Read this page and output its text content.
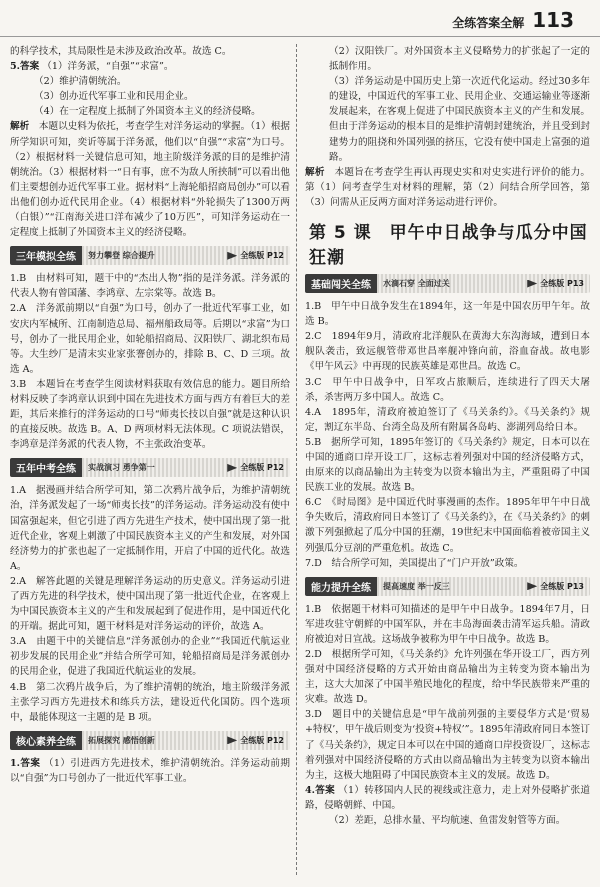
全练答案全解 113

的科学技术，其局限性是未涉及政治改革。故选 C。

5.答案 （1）洋务派，“自强”“求富”。

（2）维护清朝统治。

（3）创办近代军事工业和民用企业。

（4）在一定程度上抵制了外国资本主义的经济侵略。

解析　 本题以史料为依托，考查学生对洋务运动的掌握。（1）根据所学知识可知，奕䜣等属于洋务派，他们以“自强”“求富”为口号。（2）根据材料一关键信息可知，地主阶级洋务派的目的是维护清朝统治。（3）根据材料一“日有事，庶不为敌人所挟制”可以看出他们主要想创办近代军事工业。据材料“上海轮船招商局创办”可以看出他们创办近代民用企业。（4）根据材料“外轮损失了1300万两（白银）”“江南海关进口洋布减少了10万匹”，可知洋务运动在一定程度上抵制了外国资本主义的经济侵略。

三年模拟全练	努力攀登 综合提升	全练版 P12

1.B　由材料可知，题干中的“杰出人物”指的是洋务派。洋务派的代表人物有曾国藩、李鸿章、左宗棠等。故选 B。

2.A　洋务派前期以“自强”为口号，创办了一批近代军事工业，如安庆内军械所、江南制造总局、福州船政局等。后期以“求富”为口号，创办了一批民用企业，如轮船招商局、汉阳铁厂、湖北织布局等。大生纱厂是清末实业家张謇创办的，排除 B、C、D 三项。故选 A。

3.B　本题旨在考查学生阅读材料获取有效信息的能力。题目所给材料反映了李鸿章认识到中国在先进技术方面与西方有着巨大的差距，其后来推行的洋务运动的口号“师夷长技以自强”就是这种认识的直接反映。故选 B。A、D 两项材料无法体现。C 项说法错误，李鸿章是洋务派的代表人物，不主张政治变革。

五年中考全练	实战演习 勇争第一	全练版 P12

1.A　据漫画并结合所学可知，第二次鸦片战争后，为维护清朝统治，洋务派发起了一场“师夷长技”的洋务运动。洋务运动没有使中国富强起来，但它引进了西方先进生产技术，使中国出现了第一批近代企业，客观上刺激了中国民族资本主义的产生和发展，对外国经济势力的扩张也起了一定抵制作用，开启了中国的近代化。故选 A。

2.A　解答此题的关键是理解洋务运动的历史意义。洋务运动引进了西方先进的科学技术，使中国出现了第一批近代企业，在客观上为中国民族资本主义的产生和发展起到了促进作用，是中国近代化的开端。据此可知，题干材料是对洋务运动的评价，故选 A。

3.A　由题干中的关键信息“洋务派创办的企业”“我国近代航运业初步发展的民用企业”并结合所学可知，轮船招商局是洋务派创办的民用企业，促进了我国近代航运业的发展。

4.B　第二次鸦片战争后，为了维护清朝的统治，地主阶级洋务派主张学习西方先进技术和练兵方法，建设近代化国防。四个选项中，最能体现这一主题的是 B 项。

核心素养全练	拓展探究 感悟创新	全练版 P12

1.答案 （1）引进西方先进技术，维护清朝统治。洋务运动前期以“自强”为口号创办了一批近代军事工业。

（2）汉阳铁厂。对外国资本主义侵略势力的扩张起了一定的抵制作用。

（3）洋务运动是中国历史上第一次近代化运动。经过30多年的建设，中国近代的军事工业、民用企业、交通运输业等逐渐发展起来，在客观上促进了中国民族资本主义的产生和发展。但由于洋务运动的根本目的是维护清朝封建统治，并且受到封建势力的阻挠和外国列强的挤压，它没有使中国走上富强的道路。

解析　 本题旨在考查学生再认再现史实和对史实进行评价的能力。第（1）问考查学生对材料的理解，第（2）问结合所学回答，第（3）问需从正反两方面对洋务运动进行评价。

第 5 课　甲午中日战争与瓜分中国狂潮
基础闯关全练	水滴石穿 全面过关	全练版 P13

1.B　甲午中日战争发生在1894年，这一年是中国农历甲午年。故选 B。

2.C　1894年9月，清政府北洋舰队在黄海大东沟海域，遭到日本舰队袭击，致远舰管带邓世昌率舰冲锋向前，浴血奋战。故电影《甲午风云》中再现的民族英雄是邓世昌。故选 C。

3.C　甲午中日战争中，日军攻占旅顺后，连续进行了四天大屠杀，杀害两万多中国人。故选 C。

4.A　1895年，清政府被迫签订了《马关条约》。《马关条约》规定，割辽东半岛、台湾全岛及所有附属各岛屿、澎湖列岛给日本。

5.B　据所学可知，1895年签订的《马关条约》规定，日本可以在中国的通商口岸开设工厂，这标志着列强对中国的经济侵略方式，由原来的以商品输出为主转变为以资本输出为主，严重阻碍了中国民族工业的发展。故选 B。

6.C　《时局图》是中国近代时事漫画的杰作。1895年甲午中日战争失败后，清政府同日本签订了《马关条约》，在《马关条约》的刺激下列强掀起了瓜分中国的狂潮，19世纪末中国面临着被帝国主义列强瓜分豆剖的严重危机。故选 C。

7.D　结合所学可知，美国提出了“门户开放”政策。

能力提升全练	提高速度 举一反三	全练版 P13

1.B　依据题干材料可知描述的是甲午中日战争。1894年7月，日军进攻驻守朝鲜的中国军队，并在丰岛海面袭击清军运兵船。清政府被迫对日宣战。这场战争被称为甲午中日战争。故选 B。

2.D　根据所学可知，《马关条约》允许列强在华开设工厂，西方列强对中国经济侵略的方式开始由商品输出为主转变为资本输出为主，这大大加深了中国半殖民地化的程度，给中华民族带来严重的灾难。故选 D。

3.D　题目中的关键信息是“甲午战前列强的主要侵华方式是‘贸易+特权’，甲午战后则变为‘投资+特权’”。1895年清政府同日本签订了《马关条约》，规定日本可以在中国的通商口岸投资设厂，这标志着列强对中国经济侵略的方式由以商品输出为主转变为以资本输出为主，这极大地阻碍了中国民族资本主义的发展。故选 D。

4.答案 （1）转移国内人民的视线或注意力，走上对外侵略扩张道路，侵略朝鲜、中国。

（2）差距，总排水量、平均航速、鱼雷发射管等方面。
